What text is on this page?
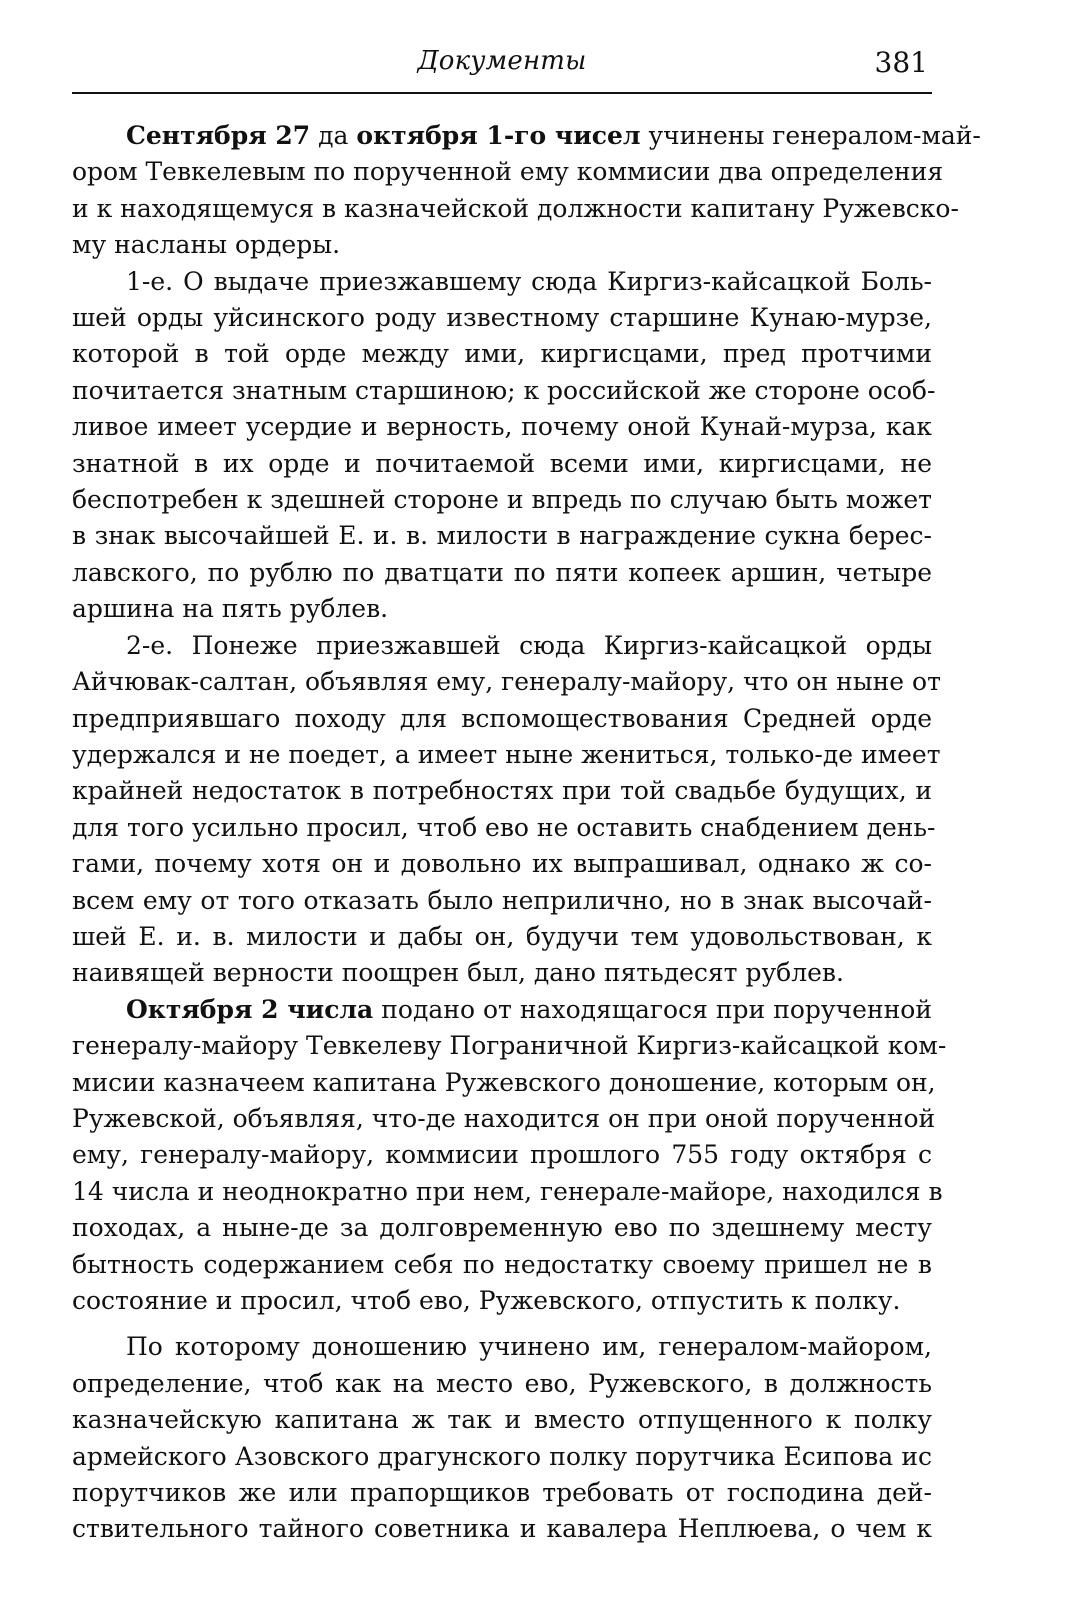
Документы	381

Сентября 27 да октября 1-го чисел учинены генералом-май-
ором Тевкелевым по порученной ему коммисии два определения
и к находящемуся в казначейской должности капитану Ружевско-
му насланы ордеры.

1-е. О выдаче приезжавшему сюда Киргиз-кайсацкой Боль-
шей орды уйсинского роду известному старшине Кунаю-мурзе,
которой в той орде между ими, киргисцами, пред протчими
почитается знатным старшиною; к российской же стороне особ-
ливое имеет усердие и верность, почему оной Кунай-мурза, как
знатной в их орде и почитаемой всеми ими, киргисцами, не
беспотребен к здешней стороне и впредь по случаю быть может
в знак высочайшей Е. и. в. милости в награждение сукна берес-
лавского, по рублю по дватцати по пяти копеек аршин, четыре
аршина на пять рублев.

2-е. Понеже приезжавшей сюда Киргиз-кайсацкой орды
Айчювак-салтан, объявляя ему, генералу-майору, что он ныне от
предприявшаго походу для вспомоществования Средней орде
удержался и не поедет, а имеет ныне жениться, только-де имеет
крайней недостаток в потребностях при той свадьбе будущих, и
для того усильно просил, чтоб ево не оставить снабдением день-
гами, почему хотя он и довольно их выпрашивал, однако ж со-
всем ему от того отказать было неприлично, но в знак высочай-
шей Е. и. в. милости и дабы он, будучи тем удовольствован, к
наивящей верности поощрен был, дано пятьдесят рублев.

Октября 2 числа подано от находящагося при порученной
генералу-майору Тевкелеву Пограничной Киргиз-кайсацкой ком-
мисии казначеем капитана Ружевского доношение, которым он,
Ружевской, объявляя, что-де находится он при оной порученной
ему, генералу-майору, коммисии прошлого 755 году октября с
14 числа и неоднократно при нем, генерале-майоре, находился в
походах, а ныне-де за долговременную ево по здешнему месту
бытность содержанием себя по недостатку своему пришел не в
состояние и просил, чтоб ево, Ружевского, отпустить к полку.

По которому доношению учинено им, генералом-майором,
определение, чтоб как на место ево, Ружевского, в должность
казначейскую капитана ж так и вместо отпущенного к полку
армейского Азовского драгунского полку порутчика Есипова ис
порутчиков же или прапорщиков требовать от господина дей-
ствительного тайного советника и кавалера Неплюева, о чем к
